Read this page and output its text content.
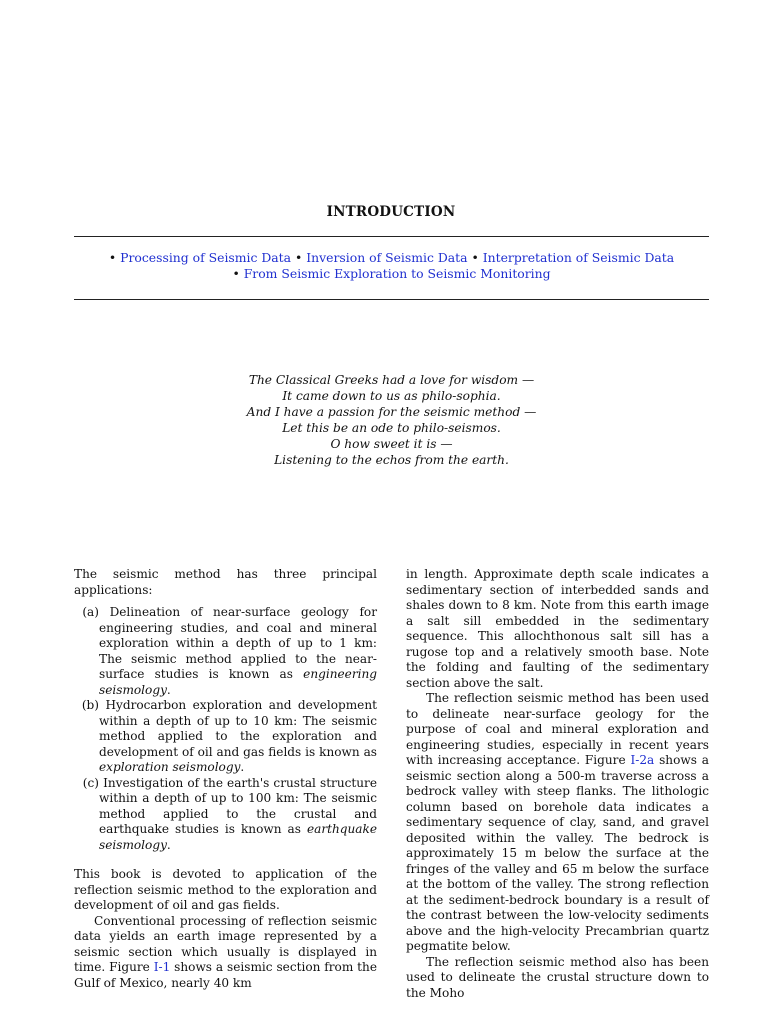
INTRODUCTION
• Processing of Seismic Data • Inversion of Seismic Data • Interpretation of Seismic Data
• From Seismic Exploration to Seismic Monitoring
The Classical Greeks had a love for wisdom —
It came down to us as philo-sophia.
And I have a passion for the seismic method —
Let this be an ode to philo-seismos.
O how sweet it is —
Listening to the echos from the earth.

The seismic method has three principal applications:

(a) Delineation of near-surface geology for engineering studies, and coal and mineral exploration within a depth of up to 1 km: The seismic method applied to the near-surface studies is known as engineering seismology.
(b) Hydrocarbon exploration and development within a depth of up to 10 km: The seismic method applied to the exploration and development of oil and gas fields is known as exploration seismology.
(c) Investigation of the earth's crustal structure within a depth of up to 100 km: The seismic method applied to the crustal and earthquake studies is known as earthquake seismology.

This book is devoted to application of the reflection seismic method to the exploration and development of oil and gas fields.

Conventional processing of reflection seismic data yields an earth image represented by a seismic section which usually is displayed in time. Figure I-1 shows a seismic section from the Gulf of Mexico, nearly 40 km

in length. Approximate depth scale indicates a sedimentary section of interbedded sands and shales down to 8 km. Note from this earth image a salt sill embedded in the sedimentary sequence. This allochthonous salt sill has a rugose top and a relatively smooth base. Note the folding and faulting of the sedimentary section above the salt.

The reflection seismic method has been used to delineate near-surface geology for the purpose of coal and mineral exploration and engineering studies, especially in recent years with increasing acceptance. Figure I-2a shows a seismic section along a 500-m traverse across a bedrock valley with steep flanks. The lithologic column based on borehole data indicates a sedimentary sequence of clay, sand, and gravel deposited within the valley. The bedrock is approximately 15 m below the surface at the fringes of the valley and 65 m below the surface at the bottom of the valley. The strong reflection at the sediment-bedrock boundary is a result of the contrast between the low-velocity sediments above and the high-velocity Precambrian quartz pegmatite below.

The reflection seismic method also has been used to delineate the crustal structure down to the Moho
